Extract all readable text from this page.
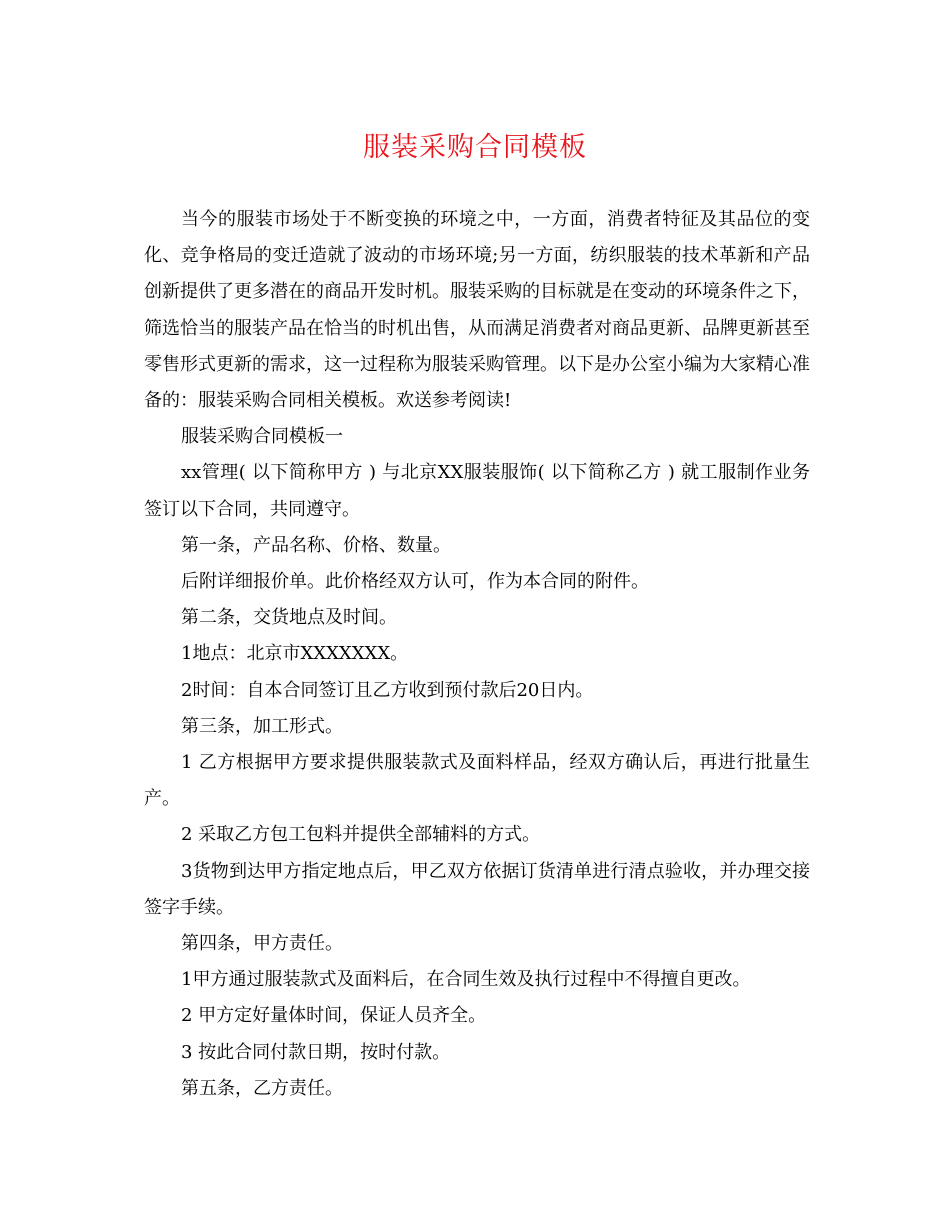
服装采购合同模板

当今的服装市场处于不断变换的环境之中，一方面，消费者特征及其品位的变化、竞争格局的变迁造就了波动的市场环境;另一方面，纺织服装的技术革新和产品创新提供了更多潜在的商品开发时机。服装采购的目标就是在变动的环境条件之下，筛选恰当的服装产品在恰当的时机出售，从而满足消费者对商品更新、品牌更新甚至零售形式更新的需求，这一过程称为服装采购管理。以下是办公室小编为大家精心准备的：服装采购合同相关模板。欢送参考阅读!

服装采购合同模板一

xx管理( 以下简称甲方 ) 与北京XX服装服饰( 以下简称乙方 ) 就工服制作业务签订以下合同，共同遵守。

第一条，产品名称、价格、数量。

后附详细报价单。此价格经双方认可，作为本合同的附件。

第二条，交货地点及时间。

1地点：北京市XXXXXXX。

2时间：自本合同签订且乙方收到预付款后20日内。

第三条，加工形式。

1 乙方根据甲方要求提供服装款式及面料样品，经双方确认后，再进行批量生产。

2 采取乙方包工包料并提供全部辅料的方式。

3货物到达甲方指定地点后，甲乙双方依据订货清单进行清点验收，并办理交接签字手续。

第四条，甲方责任。

1甲方通过服装款式及面料后，在合同生效及执行过程中不得擅自更改。

2 甲方定好量体时间，保证人员齐全。

3 按此合同付款日期，按时付款。

第五条，乙方责任。
